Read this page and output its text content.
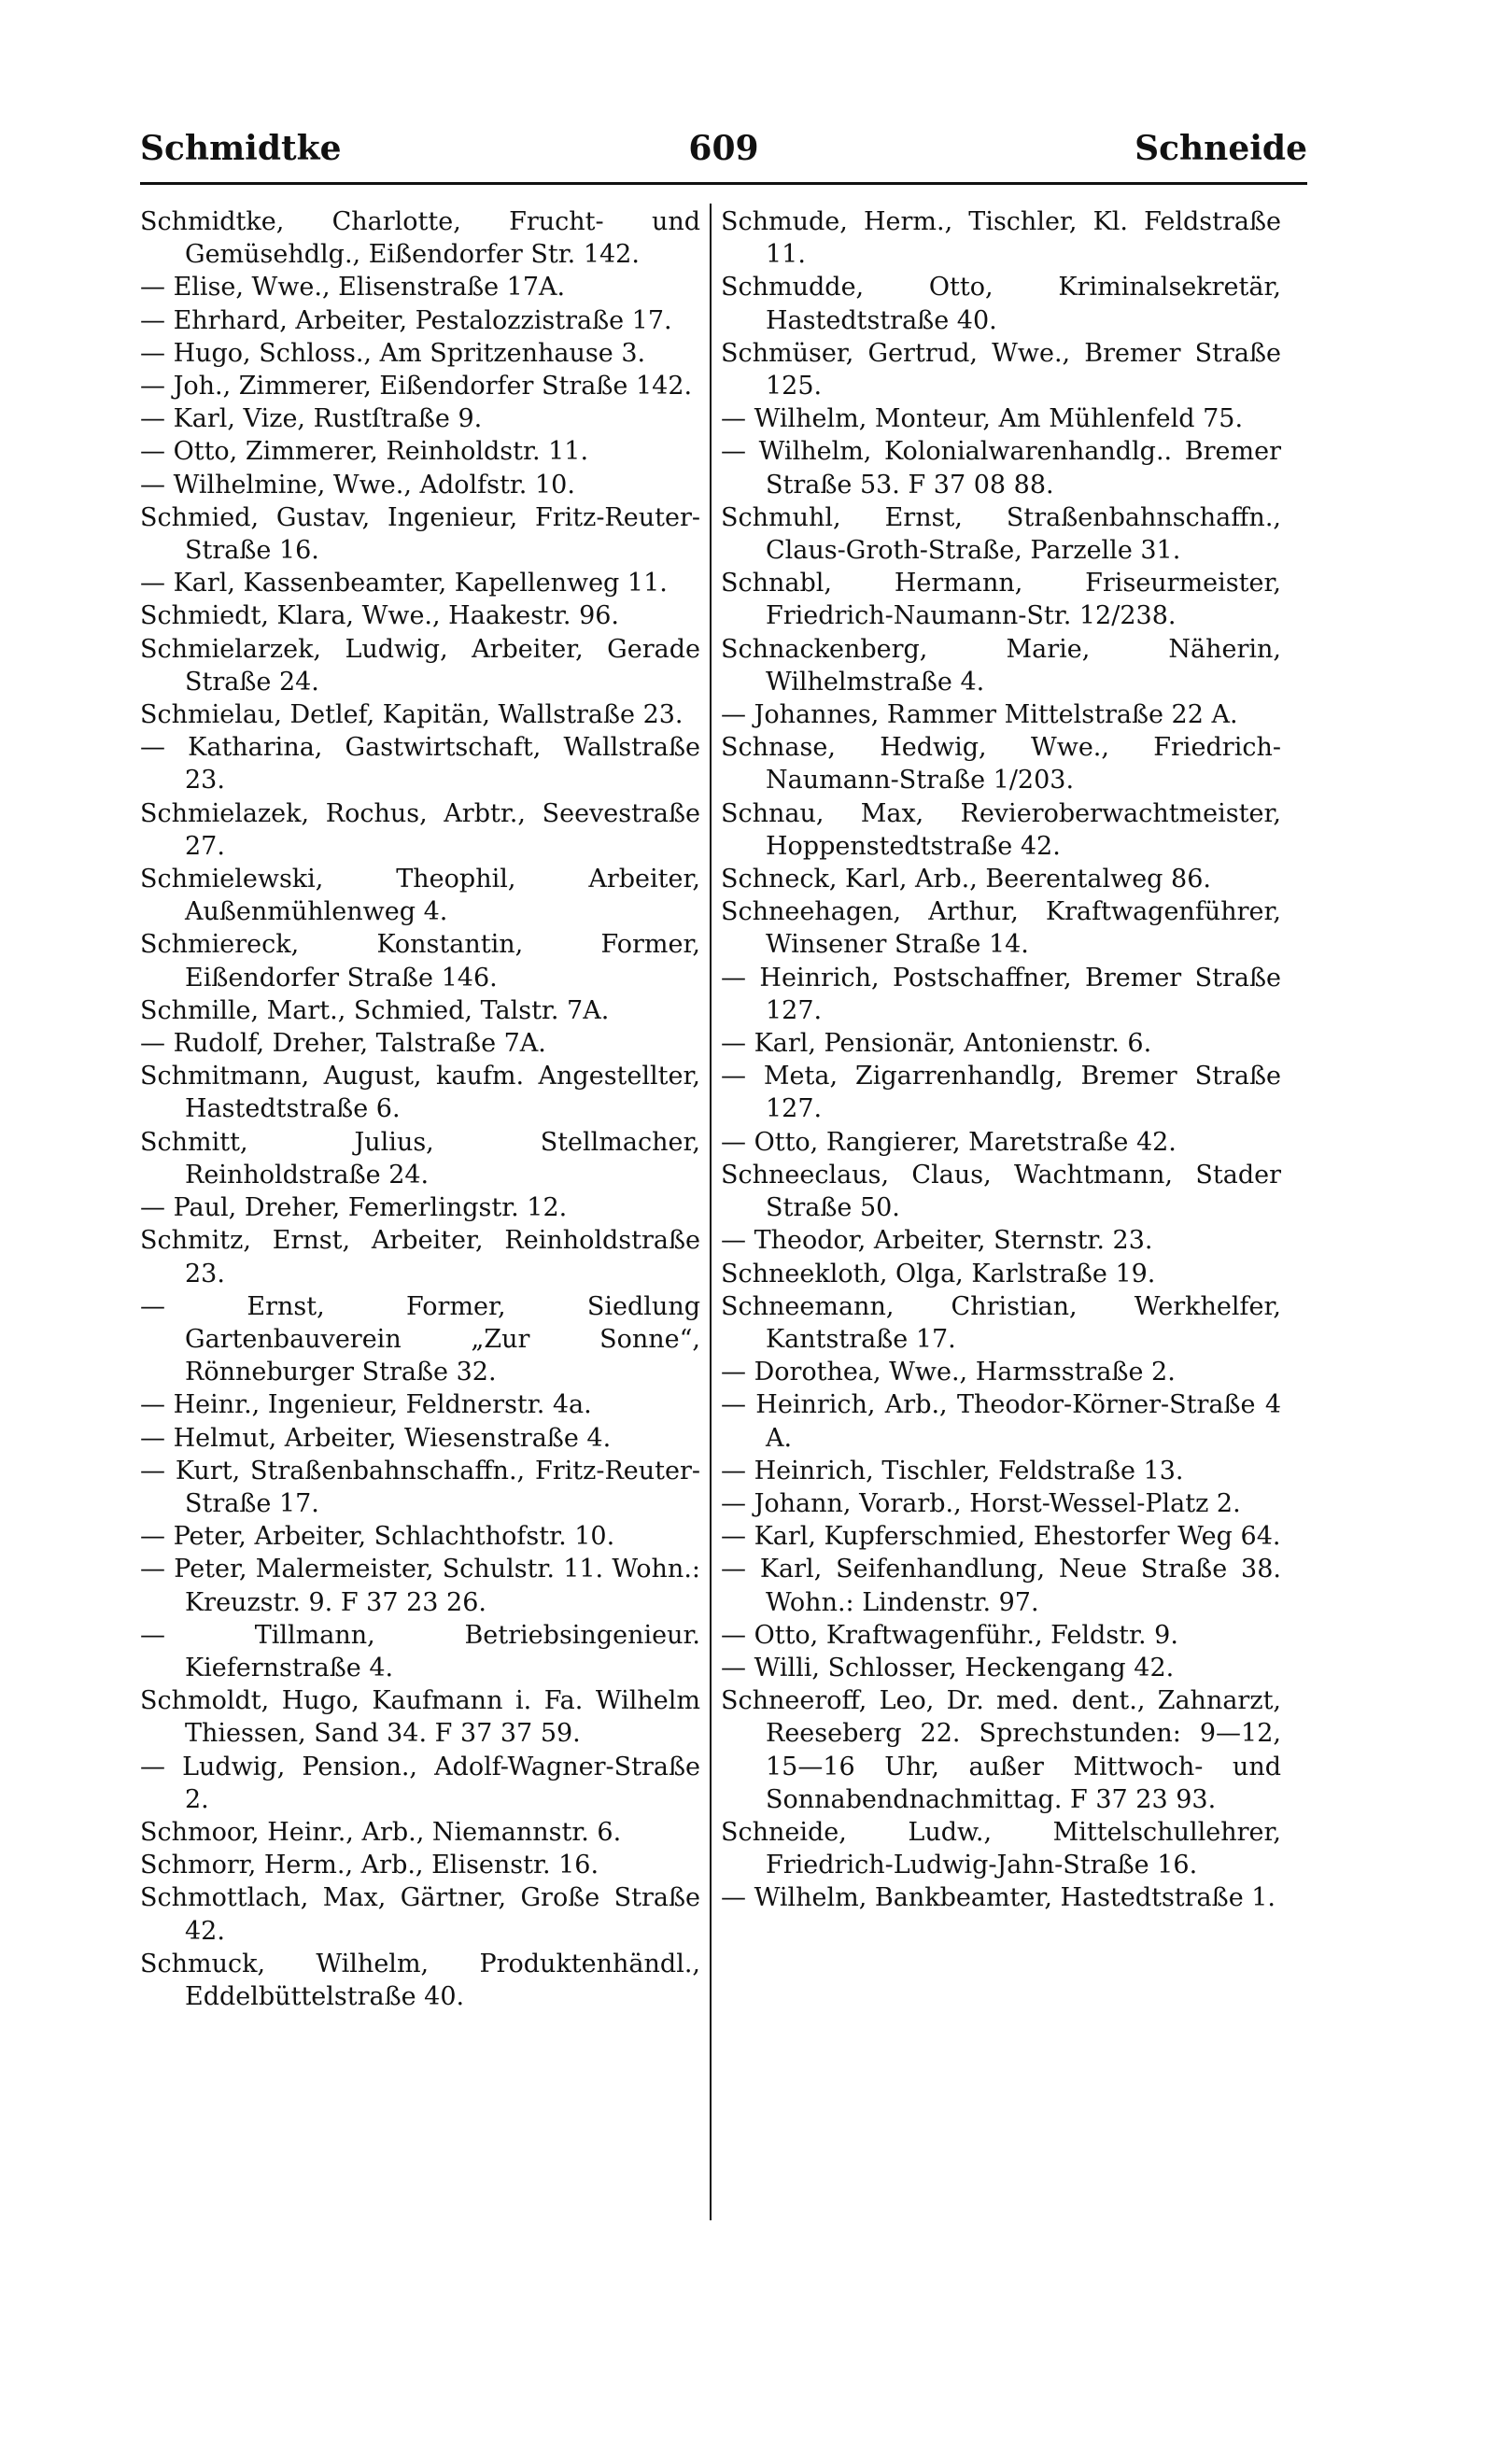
Schmidtke	609	Schneide
Schmidtke, Charlotte, Frucht- und Gemüsehdlg., Eißendorfer Str. 142.
— Elise, Wwe., Elisenstraße 17A.
— Ehrhard, Arbeiter, Pestalozzistraße 17.
— Hugo, Schloss., Am Spritzenhause 3.
— Joh., Zimmerer, Eißendorfer Straße 142.
— Karl, Vize, Rustſtraße 9.
— Otto, Zimmerer, Reinholdstr. 11.
— Wilhelmine, Wwe., Adolfstr. 10.
Schmied, Gustav, Ingenieur, Fritz-Reuter-Straße 16.
— Karl, Kassenbeamter, Kapellenweg 11.
Schmiedt, Klara, Wwe., Haakestr. 96.
Schmielarzek, Ludwig, Arbeiter, Gerade Straße 24.
Schmielau, Detlef, Kapitän, Wallstraße 23.
— Katharina, Gastwirtschaft, Wallstraße 23.
Schmielazek, Rochus, Arbtr., Seevestraße 27.
Schmielewski, Theophil, Arbeiter, Außenmühlenweg 4.
Schmiereck, Konstantin, Former, Eißendorfer Straße 146.
Schmille, Mart., Schmied, Talstr. 7A.
— Rudolf, Dreher, Talstraße 7A.
Schmitmann, August, kaufm. Angestellter, Hastedtstraße 6.
Schmitt, Julius, Stellmacher, Reinholdstraße 24.
— Paul, Dreher, Femerlingstr. 12.
Schmitz, Ernst, Arbeiter, Reinholdstraße 23.
— Ernst, Former, Siedlung Gartenbauverein „Zur Sonne“, Rönneburger Straße 32.
— Heinr., Ingenieur, Feldnerstr. 4a.
— Helmut, Arbeiter, Wiesenstraße 4.
— Kurt, Straßenbahnschaffn., Fritz-Reuter-Straße 17.
— Peter, Arbeiter, Schlachthofstr. 10.
— Peter, Malermeister, Schulstr. 11. Wohn.: Kreuzstr. 9. F 37 23 26.
— Tillmann, Betriebsingenieur. Kiefernstraße 4.
Schmoldt, Hugo, Kaufmann i. Fa. Wilhelm Thiessen, Sand 34. F 37 37 59.
— Ludwig, Pension., Adolf-Wagner-Straße 2.
Schmoor, Heinr., Arb., Niemannstr. 6.
Schmorr, Herm., Arb., Elisenstr. 16.
Schmottlach, Max, Gärtner, Große Straße 42.
Schmuck, Wilhelm, Produktenhändl., Eddelbüttelstraße 40.
Schmude, Herm., Tischler, Kl. Feldstraße 11.
Schmudde, Otto, Kriminalsekretär, Hastedtstraße 40.
Schmüser, Gertrud, Wwe., Bremer Straße 125.
— Wilhelm, Monteur, Am Mühlenfeld 75.
— Wilhelm, Kolonialwarenhandlg.. Bremer Straße 53. F 37 08 88.
Schmuhl, Ernst, Straßenbahnschaffn., Claus-Groth-Straße, Parzelle 31.
Schnabl, Hermann, Friseurmeister, Friedrich-Naumann-Str. 12/238.
Schnackenberg, Marie, Näherin, Wilhelmstraße 4.
— Johannes, Rammer Mittelstraße 22 A.
Schnase, Hedwig, Wwe., Friedrich-Naumann-Straße 1/203.
Schnau, Max, Revieroberwachtmeister, Hoppenstedtstraße 42.
Schneck, Karl, Arb., Beerentalweg 86.
Schneehagen, Arthur, Kraftwagenführer, Winsener Straße 14.
— Heinrich, Postschaffner, Bremer Straße 127.
— Karl, Pensionär, Antonienstr. 6.
— Meta, Zigarrenhandlg, Bremer Straße 127.
— Otto, Rangierer, Maretstraße 42.
Schneeclaus, Claus, Wachtmann, Stader Straße 50.
— Theodor, Arbeiter, Sternstr. 23.
Schneekloth, Olga, Karlstraße 19.
Schneemann, Christian, Werkhelfer, Kantstraße 17.
— Dorothea, Wwe., Harmsstraße 2.
— Heinrich, Arb., Theodor-Körner-Straße 4 A.
— Heinrich, Tischler, Feldstraße 13.
— Johann, Vorarb., Horst-Wessel-Platz 2.
— Karl, Kupferschmied, Ehestorfer Weg 64.
— Karl, Seifenhandlung, Neue Straße 38. Wohn.: Lindenstr. 97.
— Otto, Kraftwagenführ., Feldstr. 9.
— Willi, Schlosser, Heckengang 42.
Schneeroff, Leo, Dr. med. dent., Zahnarzt, Reeseberg 22. Sprechstunden: 9—12, 15—16 Uhr, außer Mittwoch- und Sonnabendnachmittag. F 37 23 93.
Schneide, Ludw., Mittelschullehrer, Friedrich-Ludwig-Jahn-Straße 16.
— Wilhelm, Bankbeamter, Hastedtstraße 1.
